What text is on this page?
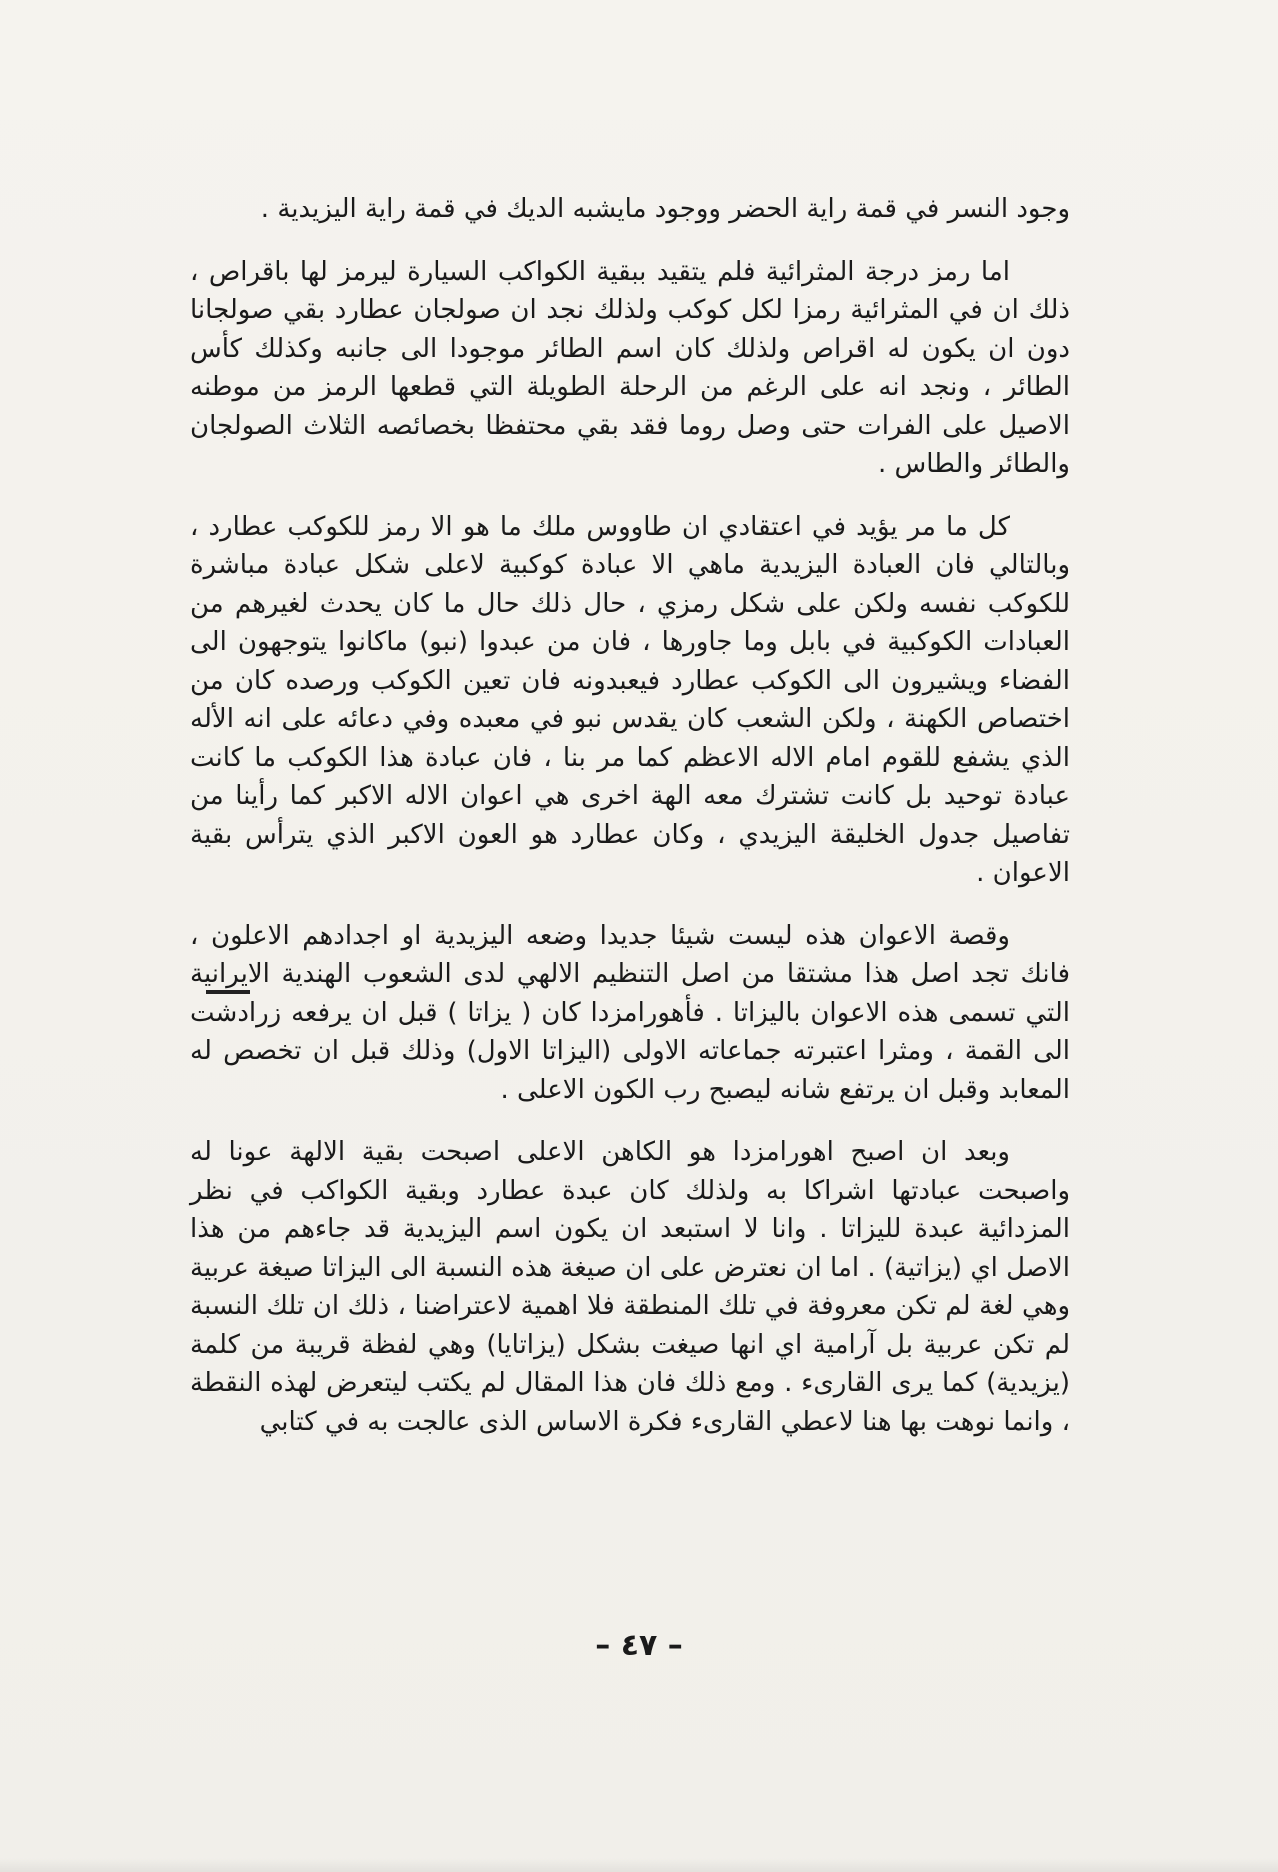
وجود النسر في قمة راية الحضر ووجود مايشبه الديك في قمة راية اليزيدية .

اما رمز درجة المثرائية فلم يتقيد ببقية الكواكب السيارة ليرمز لها باقراص ، ذلك ان في المثرائية رمزا لكل كوكب ولذلك نجد ان صولجان عطارد بقي صولجانا دون ان يكون له اقراص ولذلك كان اسم الطائر موجودا الى جانبه وكذلك كأس الطائر ، ونجد انه على الرغم من الرحلة الطويلة التي قطعها الرمز من موطنه الاصيل على الفرات حتى وصل روما فقد بقي محتفظا بخصائصه الثلاث الصولجان والطائر والطاس .

كل ما مر يؤيد في اعتقادي ان طاووس ملك ما هو الا رمز للكوكب عطارد ، وبالتالي فان العبادة اليزيدية ماهي الا عبادة كوكبية لاعلى شكل عبادة مباشرة للكوكب نفسه ولكن على شكل رمزي ، حال ذلك حال ما كان يحدث لغيرهم من العبادات الكوكبية في بابل وما جاورها ، فان من عبدوا (نبو) ماكانوا يتوجهون الى الفضاء ويشيرون الى الكوكب عطارد فيعبدونه فان تعين الكوكب ورصده كان من اختصاص الكهنة ، ولكن الشعب كان يقدس نبو في معبده وفي دعائه على انه الأله الذي يشفع للقوم امام الاله الاعظم كما مر بنا ، فان عبادة هذا الكوكب ما كانت عبادة توحيد بل كانت تشترك معه الهة اخرى هي اعوان الاله الاكبر كما رأينا من تفاصيل جدول الخليقة اليزيدي ، وكان عطارد هو العون الاكبر الذي يترأس بقية الاعوان .

وقصة الاعوان هذه ليست شيئا جديدا وضعه اليزيدية او اجدادهم الاعلون ، فانك تجد اصل هذا مشتقا من اصل التنظيم الالهي لدى الشعوب الهندية الايرانية التي تسمى هذه الاعوان باليزاتا . فأهورامزدا كان ( يزاتا ) قبل ان يرفعه زرادشت الى القمة ، ومثرا اعتبرته جماعاته الاولى (اليزاتا الاول) وذلك قبل ان تخصص له المعابد وقبل ان يرتفع شانه ليصبح رب الكون الاعلى .

وبعد ان اصبح اهورامزدا هو الكاهن الاعلى اصبحت بقية الالهة عونا له واصبحت عبادتها اشراكا به ولذلك كان عبدة عطارد وبقية الكواكب في نظر المزدائية عبدة لليزاتا . وانا لا استبعد ان يكون اسم اليزيدية قد جاءهم من هذا الاصل اي (يزاتية) . اما ان نعترض على ان صيغة هذه النسبة الى اليزاتا صيغة عربية وهي لغة لم تكن معروفة في تلك المنطقة فلا اهمية لاعتراضنا ، ذلك ان تلك النسبة لم تكن عربية بل آرامية اي انها صيغت بشكل (يزاتايا) وهي لفظة قريبة من كلمة (يزيدية) كما يرى القارىء . ومع ذلك فان هذا المقال لم يكتب ليتعرض لهذه النقطة ، وانما نوهت بها هنا لاعطي القارىء فكرة الاساس الذى عالجت به في كتابي

– ٤٧ –
